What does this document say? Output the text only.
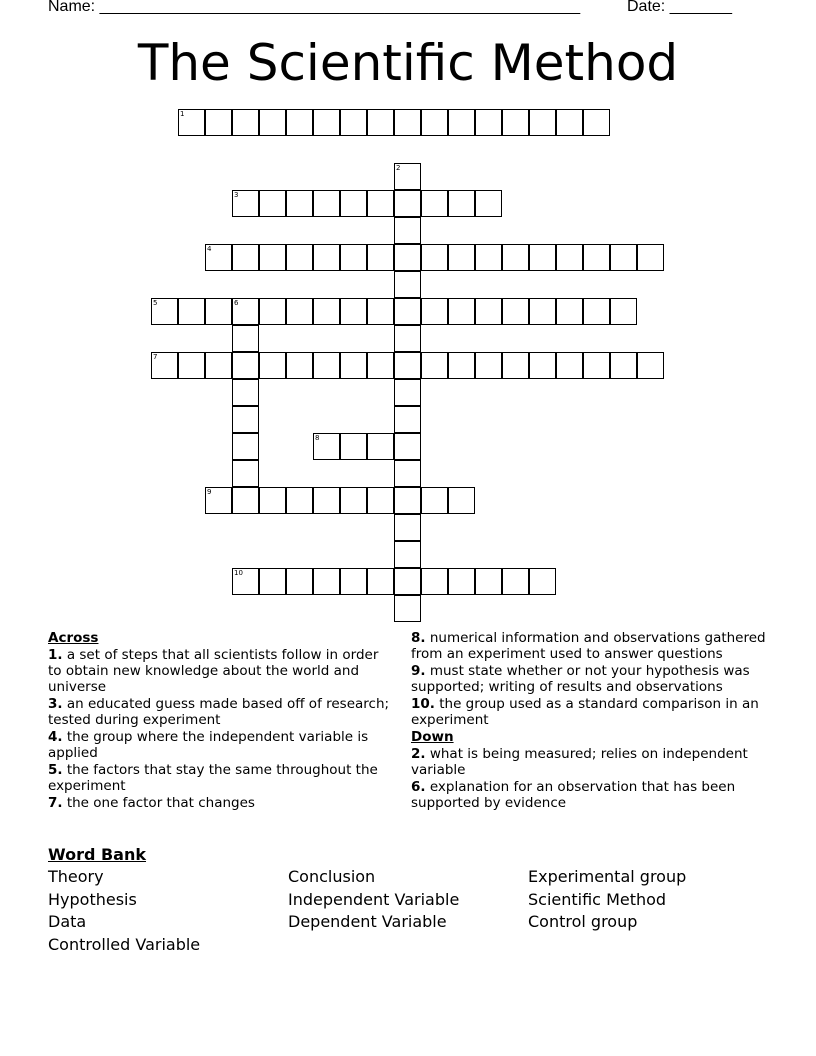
Name: ______________________________________________________	Date: _______
The Scientific Method
1
2
3
4
5	6
7
8
9
10
Across
1. a set of steps that all scientists follow in order to obtain new knowledge about the world and universe
3. an educated guess made based off of research; tested during experiment
4. the group where the independent variable is applied
5. the factors that stay the same throughout the experiment
7. the one factor that changes
8. numerical information and observations gathered from an experiment used to answer questions
9. must state whether or not your hypothesis was supported; writing of results and observations
10. the group used as a standard comparison in an experiment
Down
2. what is being measured; relies on independent variable
6. explanation for an observation that has been supported by evidence
Word Bank
Theory	Conclusion	Experimental group
Hypothesis	Independent Variable	Scientific Method
Data	Dependent Variable	Control group
Controlled Variable
